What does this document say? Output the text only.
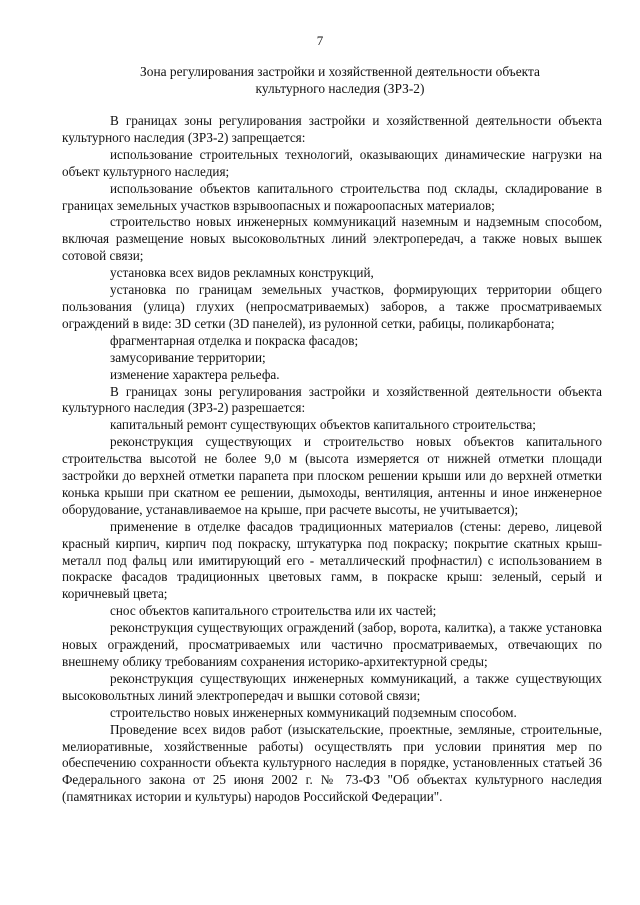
7
Зона регулирования застройки и хозяйственной деятельности объекта
культурного наследия (ЗРЗ-2)

В границах зоны регулирования застройки и хозяйственной деятельности объекта культурного наследия (ЗРЗ-2) запрещается:

использование строительных технологий, оказывающих динамические нагрузки на объект культурного наследия;

использование объектов капитального строительства под склады, складирование в границах земельных участков взрывоопасных и пожароопасных материалов;

строительство новых инженерных коммуникаций наземным и надземным способом, включая размещение новых высоковольтных линий электропередач, а также новых вышек сотовой связи;

установка всех видов рекламных конструкций,

установка по границам земельных участков, формирующих территории общего пользования (улица) глухих (непросматриваемых) заборов, а также просматриваемых ограждений в виде: 3D сетки (3D панелей), из рулонной сетки, рабицы, поликарбоната;

фрагментарная отделка и покраска фасадов;

замусоривание территории;

изменение характера рельефа.

В границах зоны регулирования застройки и хозяйственной деятельности объекта культурного наследия (ЗРЗ-2) разрешается:

капитальный ремонт существующих объектов капитального строительства;

реконструкция существующих и строительство новых объектов капитального строительства высотой не более 9,0 м (высота измеряется от нижней отметки площади застройки до верхней отметки парапета при плоском решении крыши или до верхней отметки конька крыши при скатном ее решении, дымоходы, вентиляция, антенны и иное инженерное оборудование, устанавливаемое на крыше, при расчете высоты, не учитывается);

применение в отделке фасадов традиционных материалов (стены: дерево, лицевой красный кирпич, кирпич под покраску, штукатурка под покраску; покрытие скатных крыш- металл под фальц или имитирующий его - металлический профнастил) с использованием в покраске фасадов традиционных цветовых гамм, в покраске крыш: зеленый, серый и коричневый цвета;

снос объектов капитального строительства или их частей;

реконструкция существующих ограждений (забор, ворота, калитка), а также установка новых ограждений, просматриваемых или частично просматриваемых, отвечающих по внешнему облику требованиям сохранения историко-архитектурной среды;

реконструкция существующих инженерных коммуникаций, а также существующих высоковольтных линий электропередач и вышки сотовой связи;

строительство новых инженерных коммуникаций подземным способом.

Проведение всех видов работ (изыскательские, проектные, земляные, строительные, мелиоративные, хозяйственные работы) осуществлять при условии принятия мер по обеспечению сохранности объекта культурного наследия в порядке, установленных статьей 36 Федерального закона от 25 июня 2002 г. № 73-ФЗ "Об объектах культурного наследия (памятниках истории и культуры) народов Российской Федерации".
